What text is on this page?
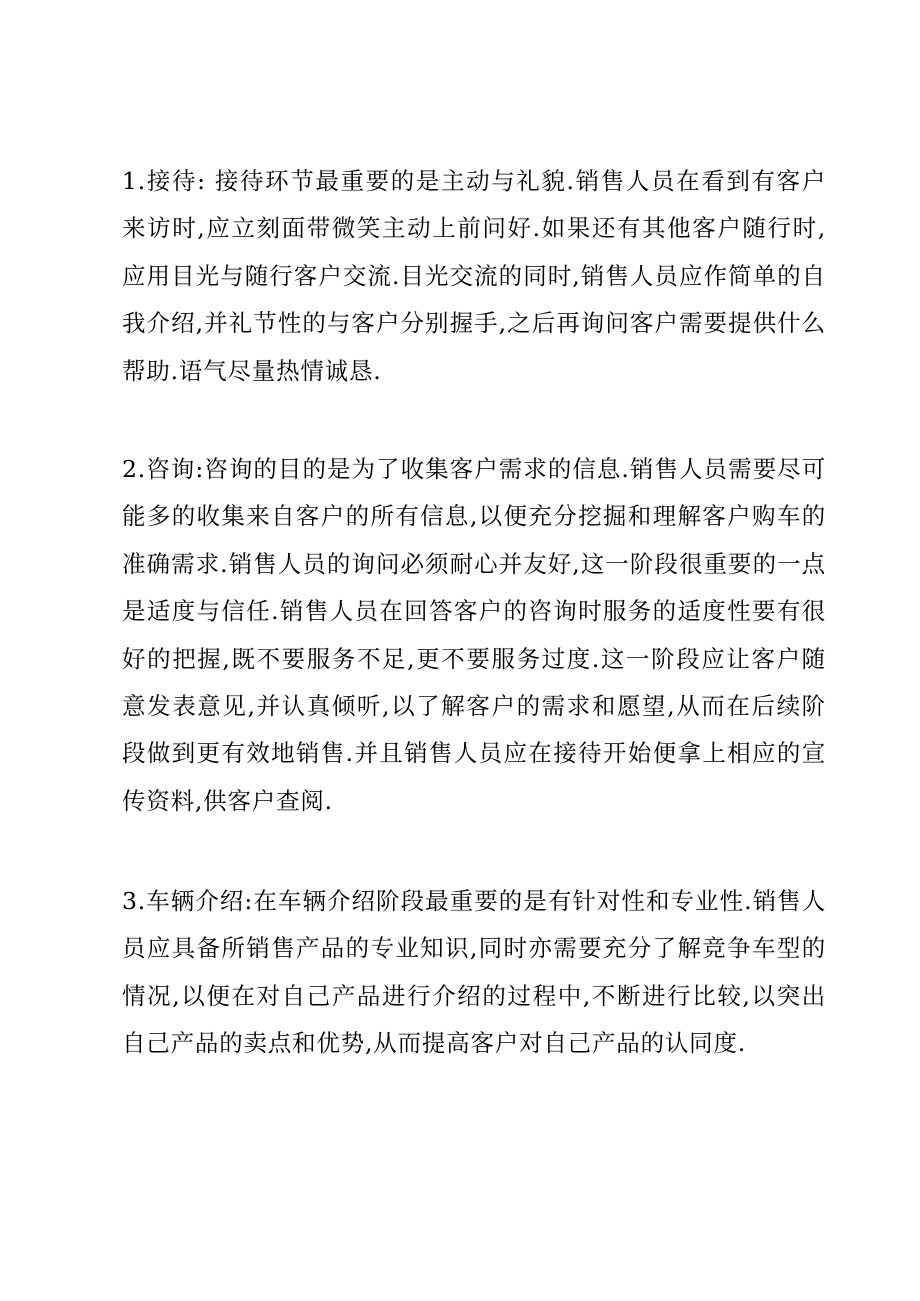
1.接待: 接待环节最重要的是主动与礼貌.销售人员在看到有客户来访时,应立刻面带微笑主动上前问好.如果还有其他客户随行时,应用目光与随行客户交流.目光交流的同时,销售人员应作简单的自我介绍,并礼节性的与客户分别握手,之后再询问客户需要提供什么帮助.语气尽量热情诚恳.

2.咨询:咨询的目的是为了收集客户需求的信息.销售人员需要尽可能多的收集来自客户的所有信息,以便充分挖掘和理解客户购车的准确需求.销售人员的询问必须耐心并友好,这一阶段很重要的一点是适度与信任.销售人员在回答客户的咨询时服务的适度性要有很好的把握,既不要服务不足,更不要服务过度.这一阶段应让客户随意发表意见,并认真倾听,以了解客户的需求和愿望,从而在后续阶段做到更有效地销售.并且销售人员应在接待开始便拿上相应的宣传资料,供客户查阅.

3.车辆介绍:在车辆介绍阶段最重要的是有针对性和专业性.销售人员应具备所销售产品的专业知识,同时亦需要充分了解竞争车型的情况,以便在对自己产品进行介绍的过程中,不断进行比较,以突出自己产品的卖点和优势,从而提高客户对自己产品的认同度.
